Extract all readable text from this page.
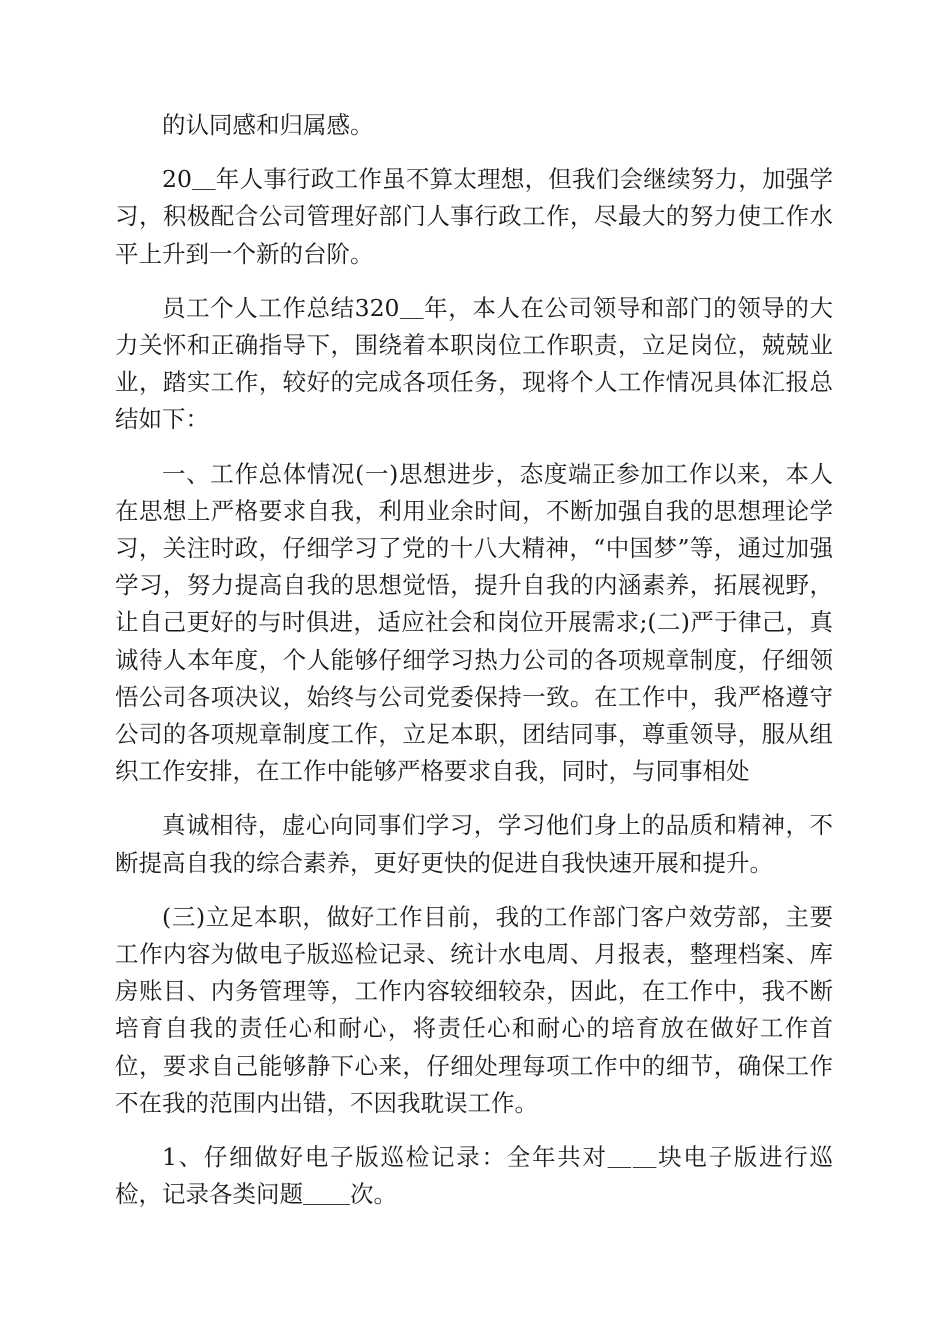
的认同感和归属感。

20＿年人事行政工作虽不算太理想，但我们会继续努力，加强学习，积极配合公司管理好部门人事行政工作，尽最大的努力使工作水平上升到一个新的台阶。

员工个人工作总结320＿年，本人在公司领导和部门的领导的大力关怀和正确指导下，围绕着本职岗位工作职责，立足岗位，兢兢业业，踏实工作，较好的完成各项任务，现将个人工作情况具体汇报总结如下：

一、工作总体情况(一)思想进步，态度端正参加工作以来，本人在思想上严格要求自我，利用业余时间，不断加强自我的思想理论学习，关注时政，仔细学习了党的十八大精神，“中国梦”等，通过加强学习，努力提高自我的思想觉悟，提升自我的内涵素养，拓展视野，让自己更好的与时俱进，适应社会和岗位开展需求;(二)严于律己，真诚待人本年度，个人能够仔细学习热力公司的各项规章制度，仔细领悟公司各项决议，始终与公司党委保持一致。在工作中，我严格遵守公司的各项规章制度工作，立足本职，团结同事，尊重领导，服从组织工作安排，在工作中能够严格要求自我，同时，与同事相处

真诚相待，虚心向同事们学习，学习他们身上的品质和精神，不断提高自我的综合素养，更好更快的促进自我快速开展和提升。

(三)立足本职，做好工作目前，我的工作部门客户效劳部，主要工作内容为做电子版巡检记录、统计水电周、月报表，整理档案、库房账目、内务管理等，工作内容较细较杂，因此，在工作中，我不断培育自我的责任心和耐心，将责任心和耐心的培育放在做好工作首位，要求自己能够静下心来，仔细处理每项工作中的细节，确保工作不在我的范围内出错，不因我耽误工作。

1、仔细做好电子版巡检记录：全年共对＿＿块电子版进行巡检，记录各类问题＿＿次。
